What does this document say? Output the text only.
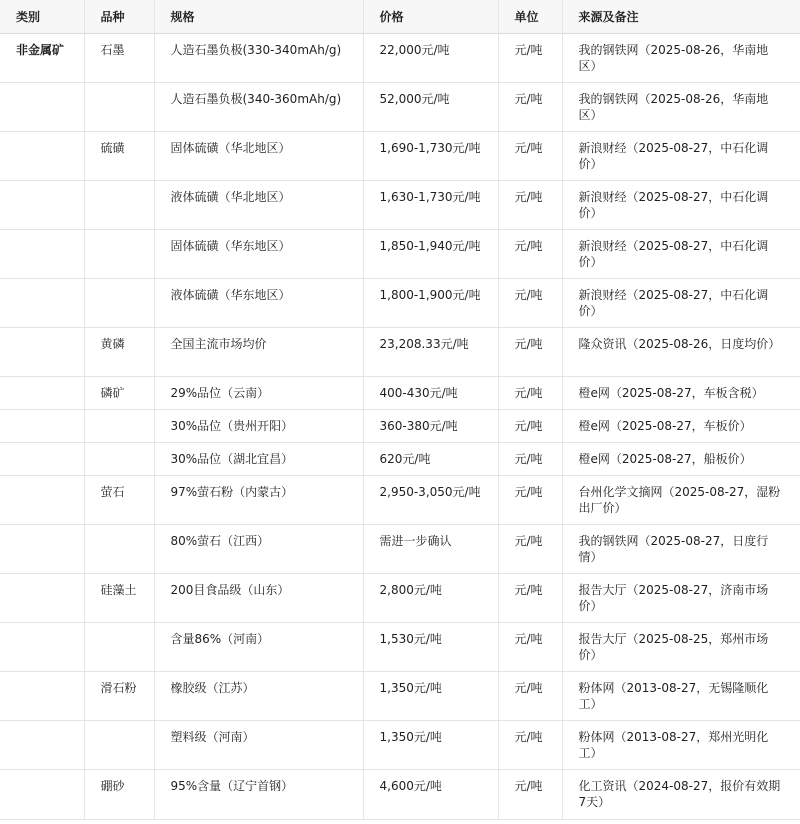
类别	品种	规格	价格	单位	来源及备注
非金属矿	石墨	人造石墨负极(330-340mAh/g)	22,000元/吨	元/吨	我的钢铁网（2025-08-26，华南地区）
		人造石墨负极(340-360mAh/g)	52,000元/吨	元/吨	我的钢铁网（2025-08-26，华南地区）
	硫磺	固体硫磺（华北地区）	1,690-1,730元/吨	元/吨	新浪财经（2025-08-27，中石化调价）
		液体硫磺（华北地区）	1,630-1,730元/吨	元/吨	新浪财经（2025-08-27，中石化调价）
		固体硫磺（华东地区）	1,850-1,940元/吨	元/吨	新浪财经（2025-08-27，中石化调价）
		液体硫磺（华东地区）	1,800-1,900元/吨	元/吨	新浪财经（2025-08-27，中石化调价）
	黄磷	全国主流市场均价	23,208.33元/吨	元/吨	隆众资讯（2025-08-26，日度均价）
	磷矿	29%品位（云南）	400-430元/吨	元/吨	橙e网（2025-08-27，车板含税）
		30%品位（贵州开阳）	360-380元/吨	元/吨	橙e网（2025-08-27，车板价）
		30%品位（湖北宜昌）	620元/吨	元/吨	橙e网（2025-08-27，船板价）
	萤石	97%萤石粉（内蒙古）	2,950-3,050元/吨	元/吨	台州化学文摘网（2025-08-27，湿粉出厂价）
		80%萤石（江西）	需进一步确认	元/吨	我的钢铁网（2025-08-27，日度行情）
	硅藻土	200目食品级（山东）	2,800元/吨	元/吨	报告大厅（2025-08-27，济南市场价）
		含量86%（河南）	1,530元/吨	元/吨	报告大厅（2025-08-25，郑州市场价）
	滑石粉	橡胶级（江苏）	1,350元/吨	元/吨	粉体网（2013-08-27，无锡隆顺化工）
		塑料级（河南）	1,350元/吨	元/吨	粉体网（2013-08-27，郑州光明化工）
	硼砂	95%含量（辽宁首钢）	4,600元/吨	元/吨	化工资讯（2024-08-27，报价有效期7天）
